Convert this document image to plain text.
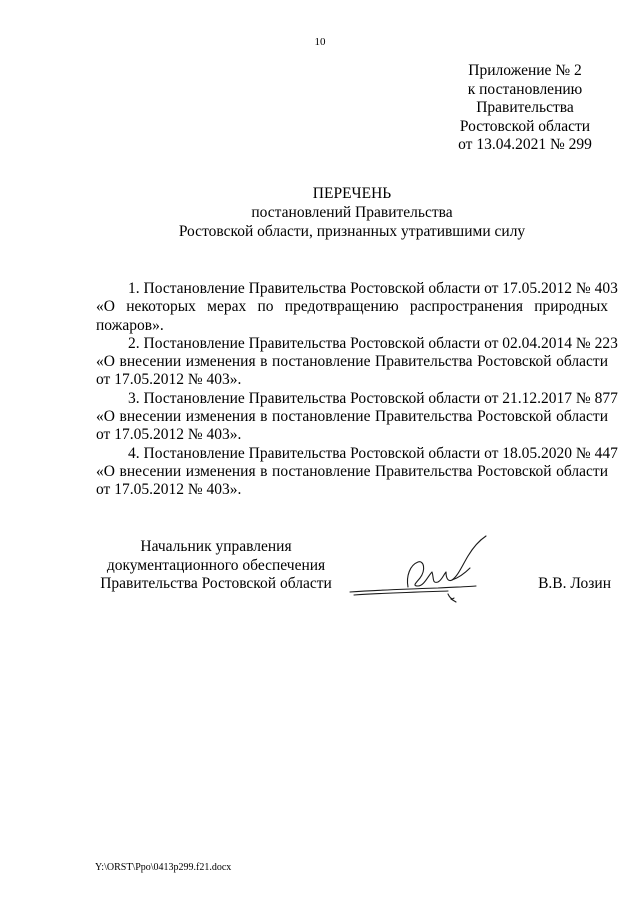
10
Приложение № 2
к постановлению
Правительства
Ростовской области
от 13.04.2021 № 299
ПЕРЕЧЕНЬ
постановлений Правительства
Ростовской области, признанных утратившими силу
1. Постановление Правительства Ростовской области от 17.05.2012 № 403
«О некоторых мерах по предотвращению распространения природных пожаров».
2. Постановление Правительства Ростовской области от 02.04.2014 № 223
«О внесении изменения в постановление Правительства Ростовской области от 17.05.2012 № 403».
3. Постановление Правительства Ростовской области от 21.12.2017 № 877
«О внесении изменения в постановление Правительства Ростовской области от 17.05.2012 № 403».
4. Постановление Правительства Ростовской области от 18.05.2020 № 447
«О внесении изменения в постановление Правительства Ростовской области от 17.05.2012 № 403».
Начальник управления
документационного обеспечения
Правительства Ростовской области	В.В. Лозин
Y:\ORST\Ppo\0413p299.f21.docx
